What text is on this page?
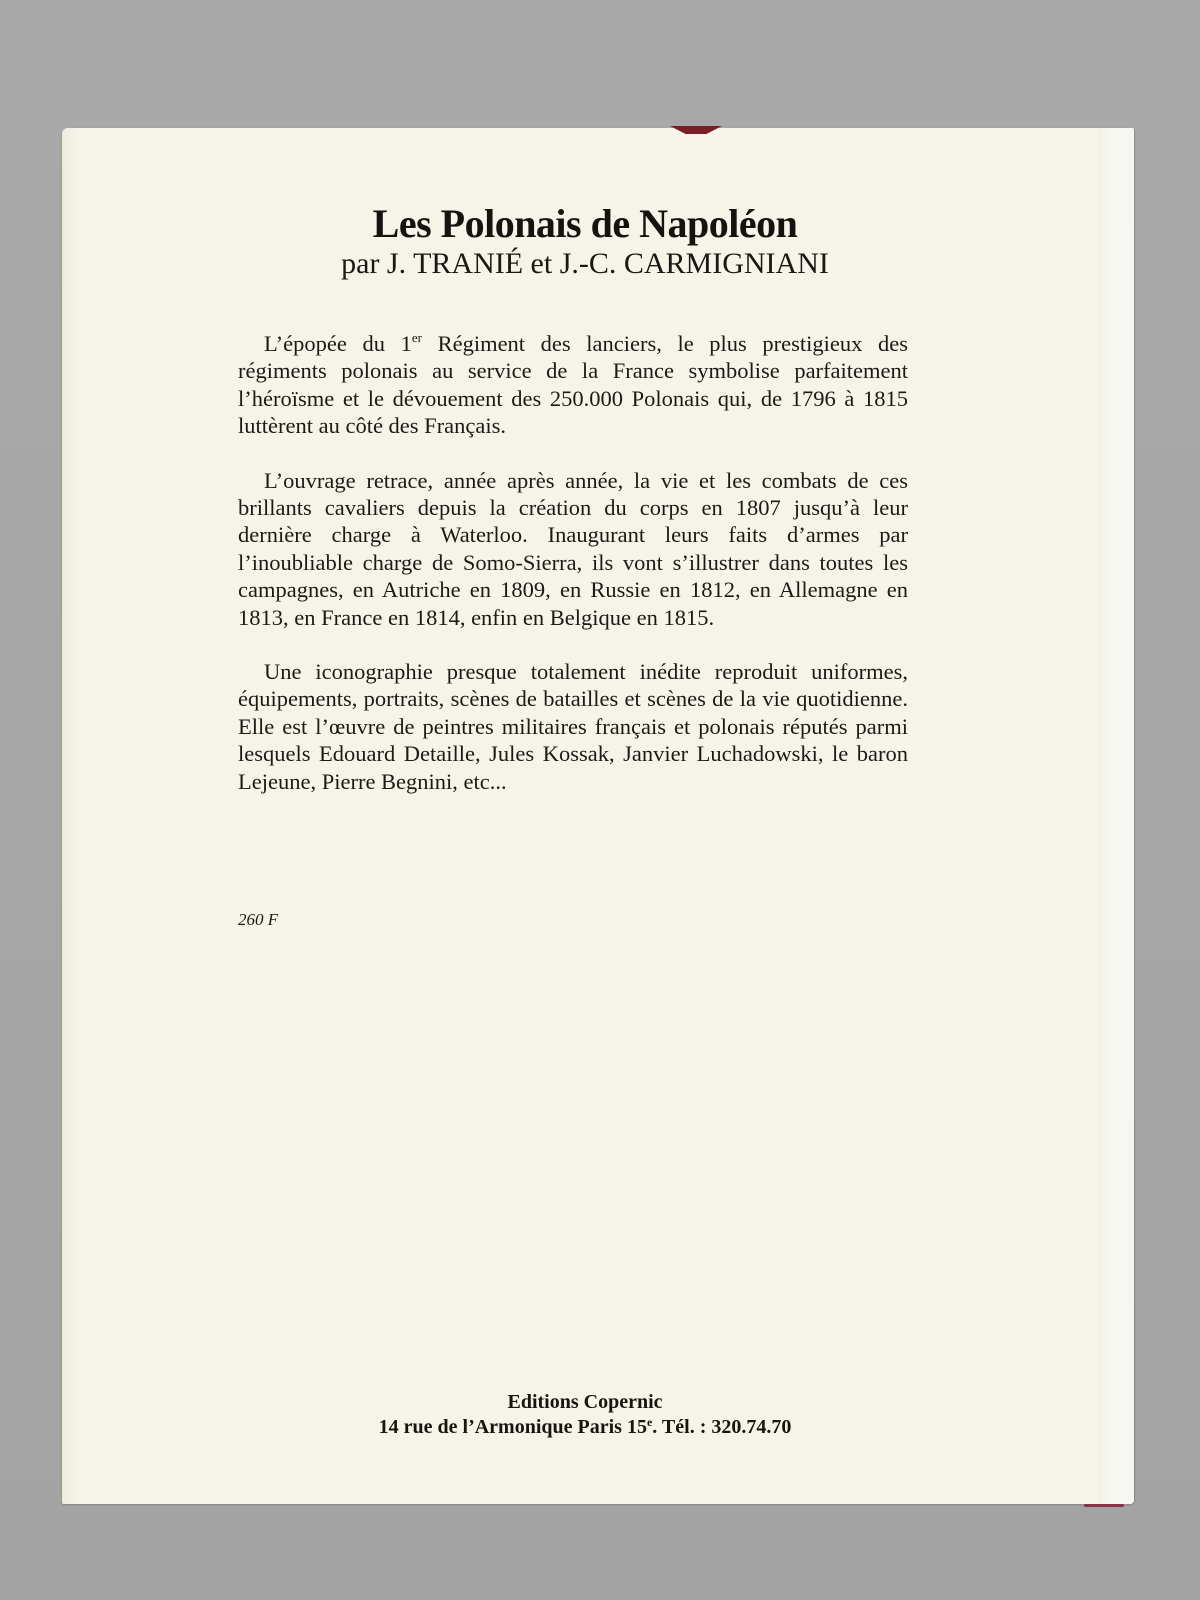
Les Polonais de Napoléon
par J. TRANIÉ et J.-C. CARMIGNIANI

L’épopée du 1er Régiment des lanciers, le plus prestigieux des régiments polonais au service de la France symbolise parfaitement l’héroïsme et le dévouement des 250.000 Polonais qui, de 1796 à 1815 luttèrent au côté des Français.

L’ouvrage retrace, année après année, la vie et les combats de ces brillants cavaliers depuis la création du corps en 1807 jusqu’à leur dernière charge à Waterloo. Inaugurant leurs faits d’armes par l’inoubliable charge de Somo-Sierra, ils vont s’illustrer dans toutes les campagnes, en Autriche en 1809, en Russie en 1812, en Allemagne en 1813, en France en 1814, enfin en Belgique en 1815.

Une iconographie presque totalement inédite reproduit uniformes, équipements, portraits, scènes de batailles et scènes de la vie quotidienne. Elle est l’œuvre de peintres militaires français et polonais réputés parmi lesquels Edouard Detaille, Jules Kossak, Janvier Luchadowski, le baron Lejeune, Pierre Begnini, etc...

260 F
Editions Copernic
14 rue de l’Armonique Paris 15e. Tél. : 320.74.70
